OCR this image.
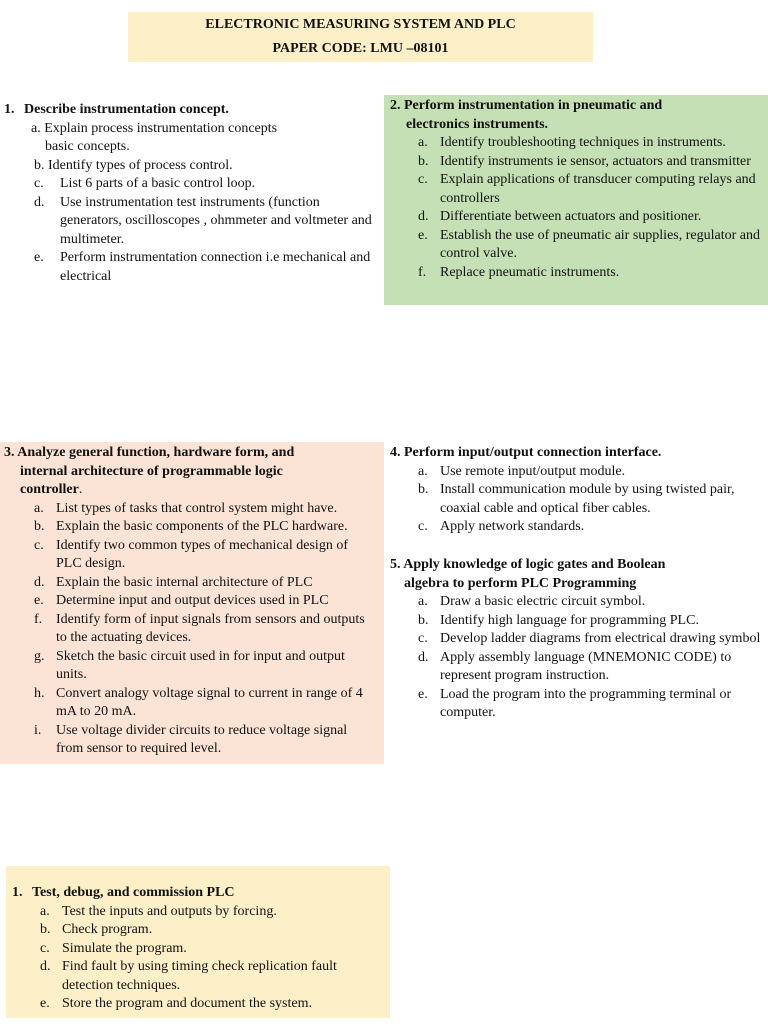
ELECTRONIC MEASURING SYSTEM AND PLC
PAPER CODE: LMU –08101
1. Describe instrumentation concept.
a. Explain process instrumentation concepts basic concepts.
b. Identify types of process control.
c. List 6 parts of a basic control loop.
d. Use instrumentation test instruments (function generators, oscilloscopes , ohmmeter and voltmeter and multimeter.
e. Perform instrumentation connection i.e mechanical and electrical
2. Perform instrumentation in pneumatic and
electronics instruments.
a. Identify troubleshooting techniques in instruments.
b. Identify instruments ie sensor, actuators and transmitter
c. Explain applications of transducer computing relays and controllers
d. Differentiate between actuators and positioner.
e. Establish the use of pneumatic air supplies, regulator and control valve.
f. Replace pneumatic instruments.
3. Analyze general function, hardware form, and
internal architecture of programmable logic
controller.
a. List types of tasks that control system might have.
b. Explain the basic components of the PLC hardware.
c. Identify two common types of mechanical design of PLC design.
d. Explain the basic internal architecture of PLC
e. Determine input and output devices used in PLC
f. Identify form of input signals from sensors and outputs to the actuating devices.
g. Sketch the basic circuit used in for input and output units.
h. Convert analogy voltage signal to current in range of 4 mA to 20 mA.
i. Use voltage divider circuits to reduce voltage signal from sensor to required level.
4. Perform input/output connection interface.
a. Use remote input/output module.
b. Install communication module by using twisted pair, coaxial cable and optical fiber cables.
c. Apply network standards.
5. Apply knowledge of logic gates and Boolean
algebra to perform PLC Programming
a. Draw a basic electric circuit symbol.
b. Identify high language for programming PLC.
c. Develop ladder diagrams from electrical drawing symbol
d. Apply assembly language (MNEMONIC CODE) to represent program instruction.
e. Load the program into the programming terminal or computer.
1. Test, debug, and commission PLC
a. Test the inputs and outputs by forcing.
b. Check program.
c. Simulate the program.
d. Find fault by using timing check replication fault detection techniques.
e. Store the program and document the system.
